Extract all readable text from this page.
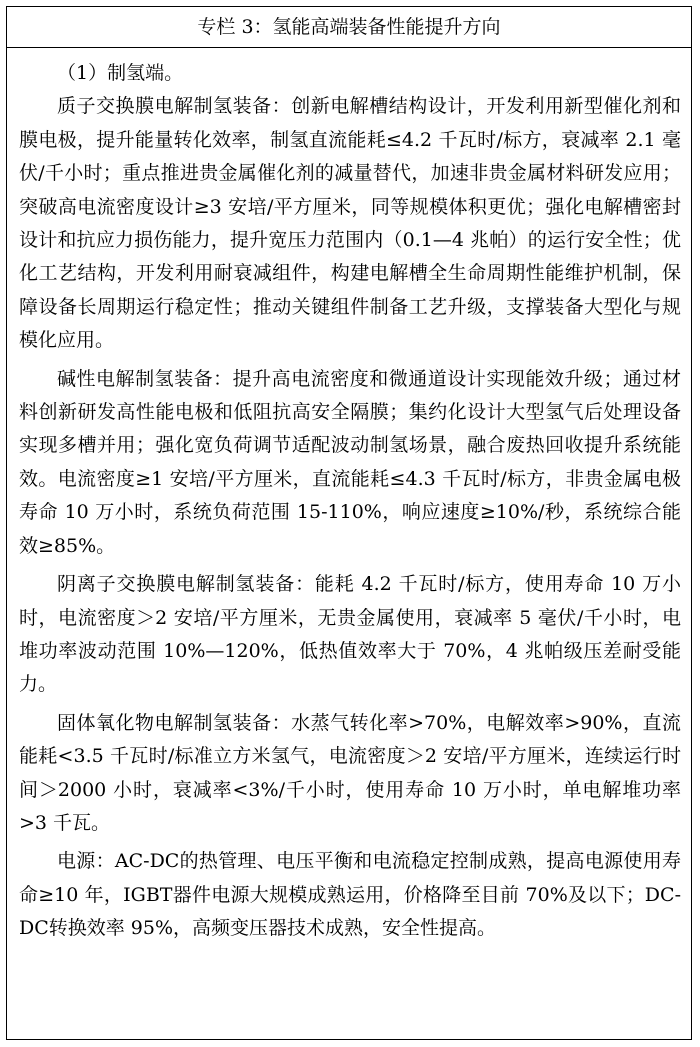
专栏 3：氢能高端装备性能提升方向

（1）制氢端。

质子交换膜电解制氢装备：创新电解槽结构设计，开发利用新型催化剂和膜电极，提升能量转化效率，制氢直流能耗≤4.2 千瓦时/标方，衰减率 2.1 毫伏/千小时；重点推进贵金属催化剂的减量替代，加速非贵金属材料研发应用；突破高电流密度设计≥3 安培/平方厘米，同等规模体积更优；强化电解槽密封设计和抗应力损伤能力，提升宽压力范围内（0.1—4 兆帕）的运行安全性；优化工艺结构，开发利用耐衰减组件，构建电解槽全生命周期性能维护机制，保障设备长周期运行稳定性；推动关键组件制备工艺升级，支撑装备大型化与规模化应用。

碱性电解制氢装备：提升高电流密度和微通道设计实现能效升级；通过材料创新研发高性能电极和低阻抗高安全隔膜；集约化设计大型氢气后处理设备实现多槽并用；强化宽负荷调节适配波动制氢场景，融合废热回收提升系统能效。电流密度≥1 安培/平方厘米，直流能耗≤4.3 千瓦时/标方，非贵金属电极寿命 10 万小时，系统负荷范围 15-110%，响应速度≥10%/秒，系统综合能效≥85%。

阴离子交换膜电解制氢装备：能耗 4.2 千瓦时/标方，使用寿命 10 万小时，电流密度＞2 安培/平方厘米，无贵金属使用，衰减率 5 毫伏/千小时，电堆功率波动范围 10%—120%，低热值效率大于 70%，4 兆帕级压差耐受能力。

固体氧化物电解制氢装备：水蒸气转化率>70%，电解效率>90%，直流能耗<3.5 千瓦时/标准立方米氢气，电流密度＞2 安培/平方厘米，连续运行时间＞2000 小时，衰减率<3%/千小时，使用寿命 10 万小时，单电解堆功率>3 千瓦。

电源：AC-DC的热管理、电压平衡和电流稳定控制成熟，提高电源使用寿命≥10 年，IGBT器件电源大规模成熟运用，价格降至目前 70%及以下；DC-DC转换效率 95%，高频变压器技术成熟，安全性提高。
